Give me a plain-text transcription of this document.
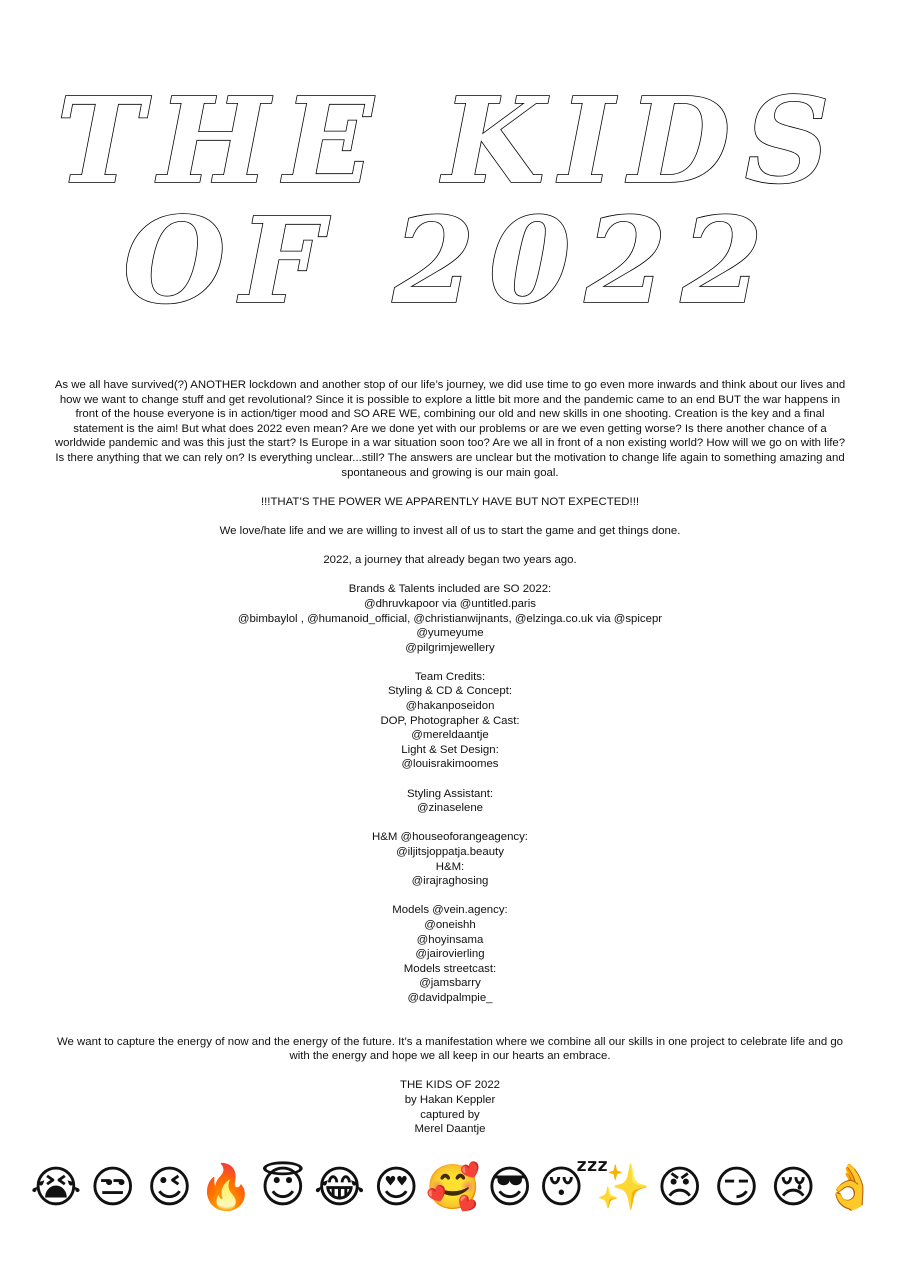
THE KIDS
OF 2022

As we all have survived(?) ANOTHER lockdown and another stop of our life’s journey, we did use time to go even more inwards and think about our lives and how we want to change stuff and get revolutional? Since it is possible to explore a little bit more and the pandemic came to an end BUT the war happens in front of the house everyone is in action/tiger mood and SO ARE WE, combining our old and new skills in one shooting. Creation is the key and a final statement is the aim! But what does 2022 even mean? Are we done yet with our problems or are we even getting worse? Is there another chance of a worldwide pandemic and was this just the start? Is Europe in a war situation soon too? Are we all in front of a non existing world? How will we go on with life? Is there anything that we can rely on? Is everything unclear...still? The answers are unclear but the motivation to change life again to something amazing and spontaneous and growing is our main goal.

!!!THAT’S THE POWER WE APPARENTLY HAVE BUT NOT EXPECTED!!!

We love/hate life and we are willing to invest all of us to start the game and get things done.

2022, a journey that already began two years ago.

Brands & Talents included are SO 2022:

@dhruvkapoor via @untitled.paris

@bimbaylol , @humanoid_official, @christianwijnants, @elzinga.co.uk via @spicepr

@yumeyume

@pilgrimjewellery

Team Credits:

Styling & CD & Concept:

@hakanposeidon

DOP, Photographer & Cast:

@mereldaantje

Light & Set Design:

@louisrakimoomes

Styling Assistant:

@zinaselene

H&M @houseoforangeagency:

@iljitsjoppatja.beauty

H&M:

@irajraghosing

Models @vein.agency:

@oneishh

@hoyinsama

@jairovierling

Models streetcast:

@jamsbarry

@davidpalmpie_

We want to capture the energy of now and the energy of the future. It’s a manifestation where we combine all our skills in one project to celebrate life and go with the energy and hope we all keep in our hearts an embrace.

THE KIDS OF 2022

by Hakan Keppler

captured by

Merel Daantje

😭 😒 😉 🔥 😇 😂 😍 🥰 😎 😴
✨ 😠 😏 😢 👌
